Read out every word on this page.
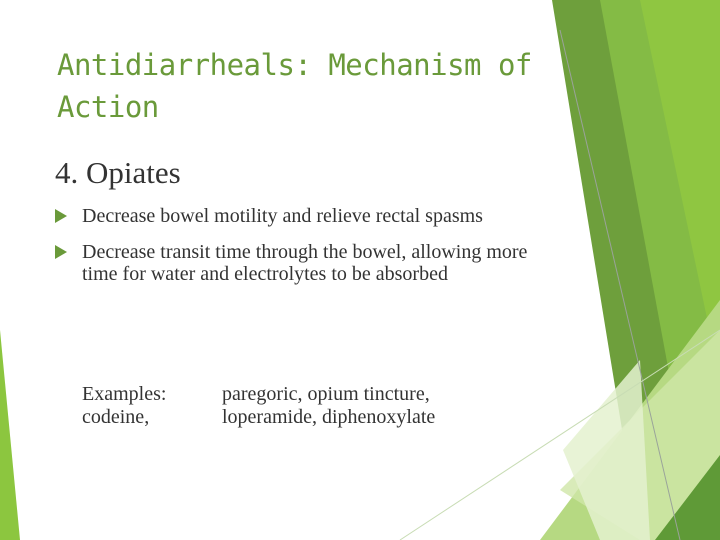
Antidiarrheals: Mechanism of Action
4. Opiates
Decrease bowel motility and relieve rectal spasms
Decrease transit time through the bowel, allowing more time for water and electrolytes to be absorbed
Examples:
codeine,
paregoric, opium tincture,
loperamide, diphenoxylate
